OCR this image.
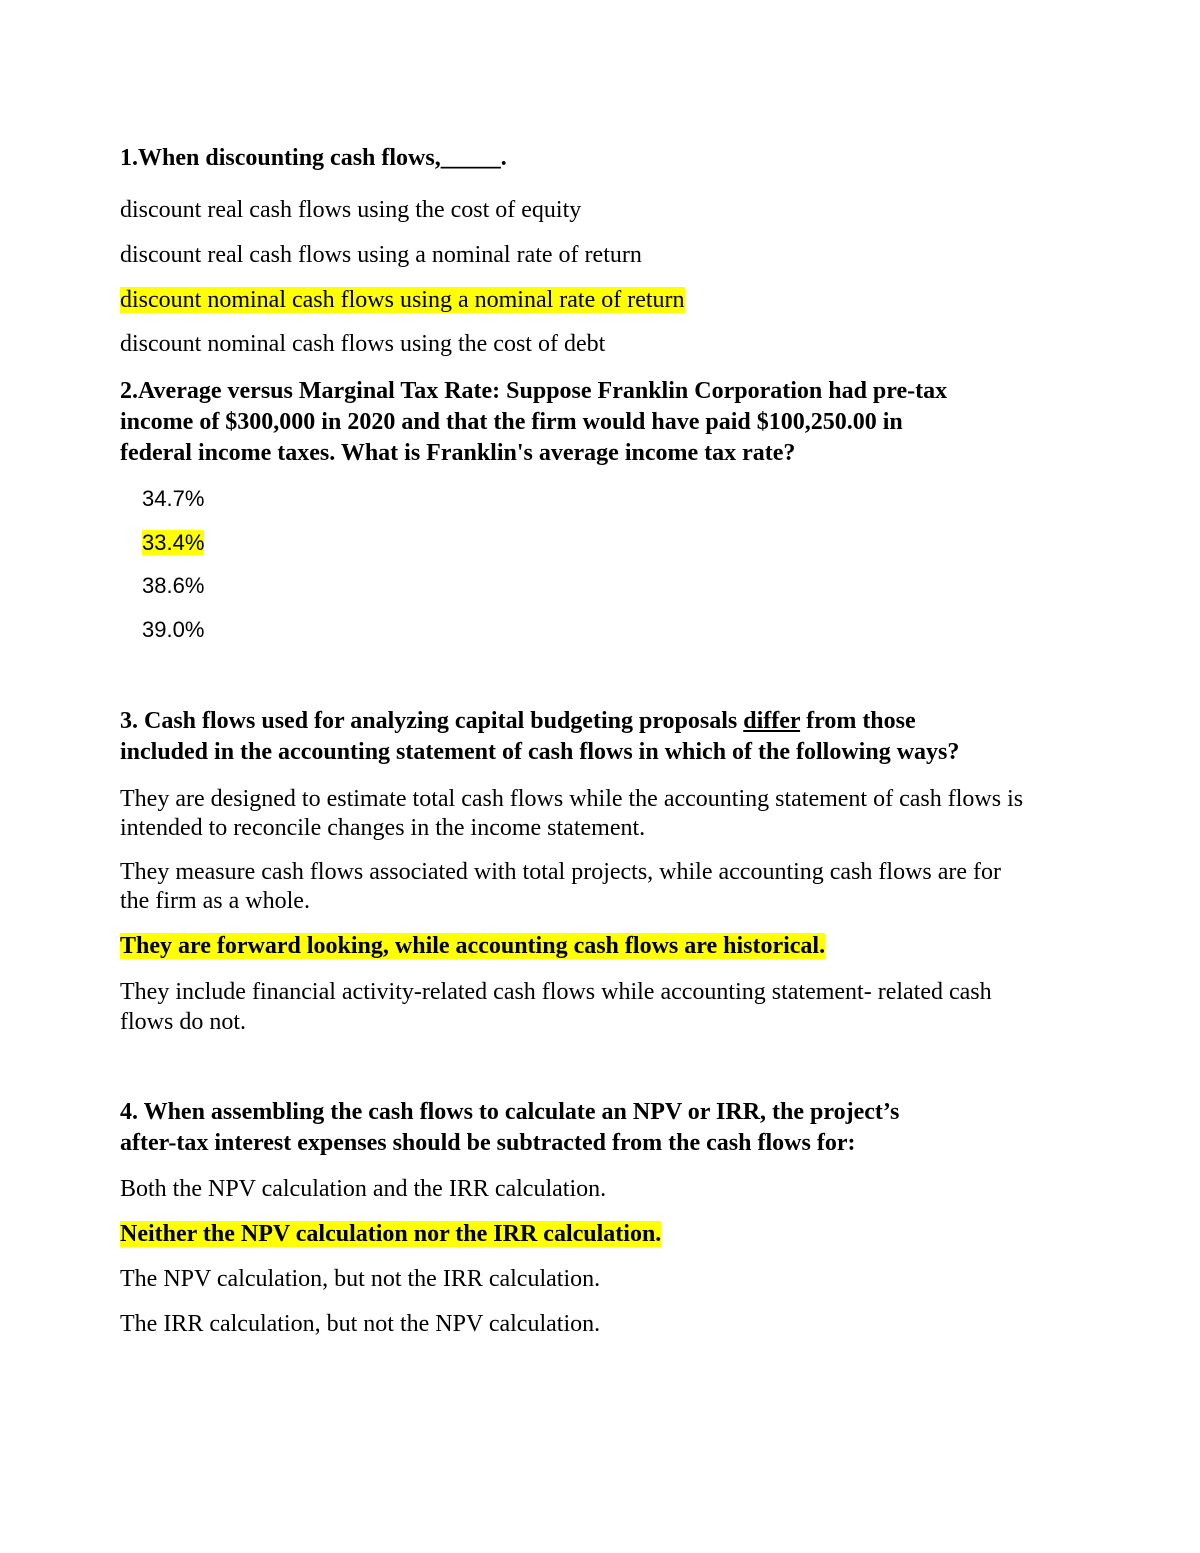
1.When discounting cash flows,_____.

discount real cash flows using the cost of equity

discount real cash flows using a nominal rate of return

discount nominal cash flows using a nominal rate of return

discount nominal cash flows using the cost of debt

2.Average versus Marginal Tax Rate: Suppose Franklin Corporation had pre-tax

income of $300,000 in 2020 and that the firm would have paid $100,250.00 in

federal income taxes. What is Franklin's average income tax rate?

34.7%

33.4%

38.6%

39.0%

3. Cash flows used for analyzing capital budgeting proposals differ from those

included in the accounting statement of cash flows in which of the following ways?

They are designed to estimate total cash flows while the accounting statement of cash flows is

intended to reconcile changes in the income statement.

They measure cash flows associated with total projects, while accounting cash flows are for

the firm as a whole.

They are forward looking, while accounting cash flows are historical.

They include financial activity-related cash flows while accounting statement- related cash

flows do not.

4. When assembling the cash flows to calculate an NPV or IRR, the project’s

after-tax interest expenses should be subtracted from the cash flows for:

Both the NPV calculation and the IRR calculation.

Neither the NPV calculation nor the IRR calculation.

The NPV calculation, but not the IRR calculation.

The IRR calculation, but not the NPV calculation.
